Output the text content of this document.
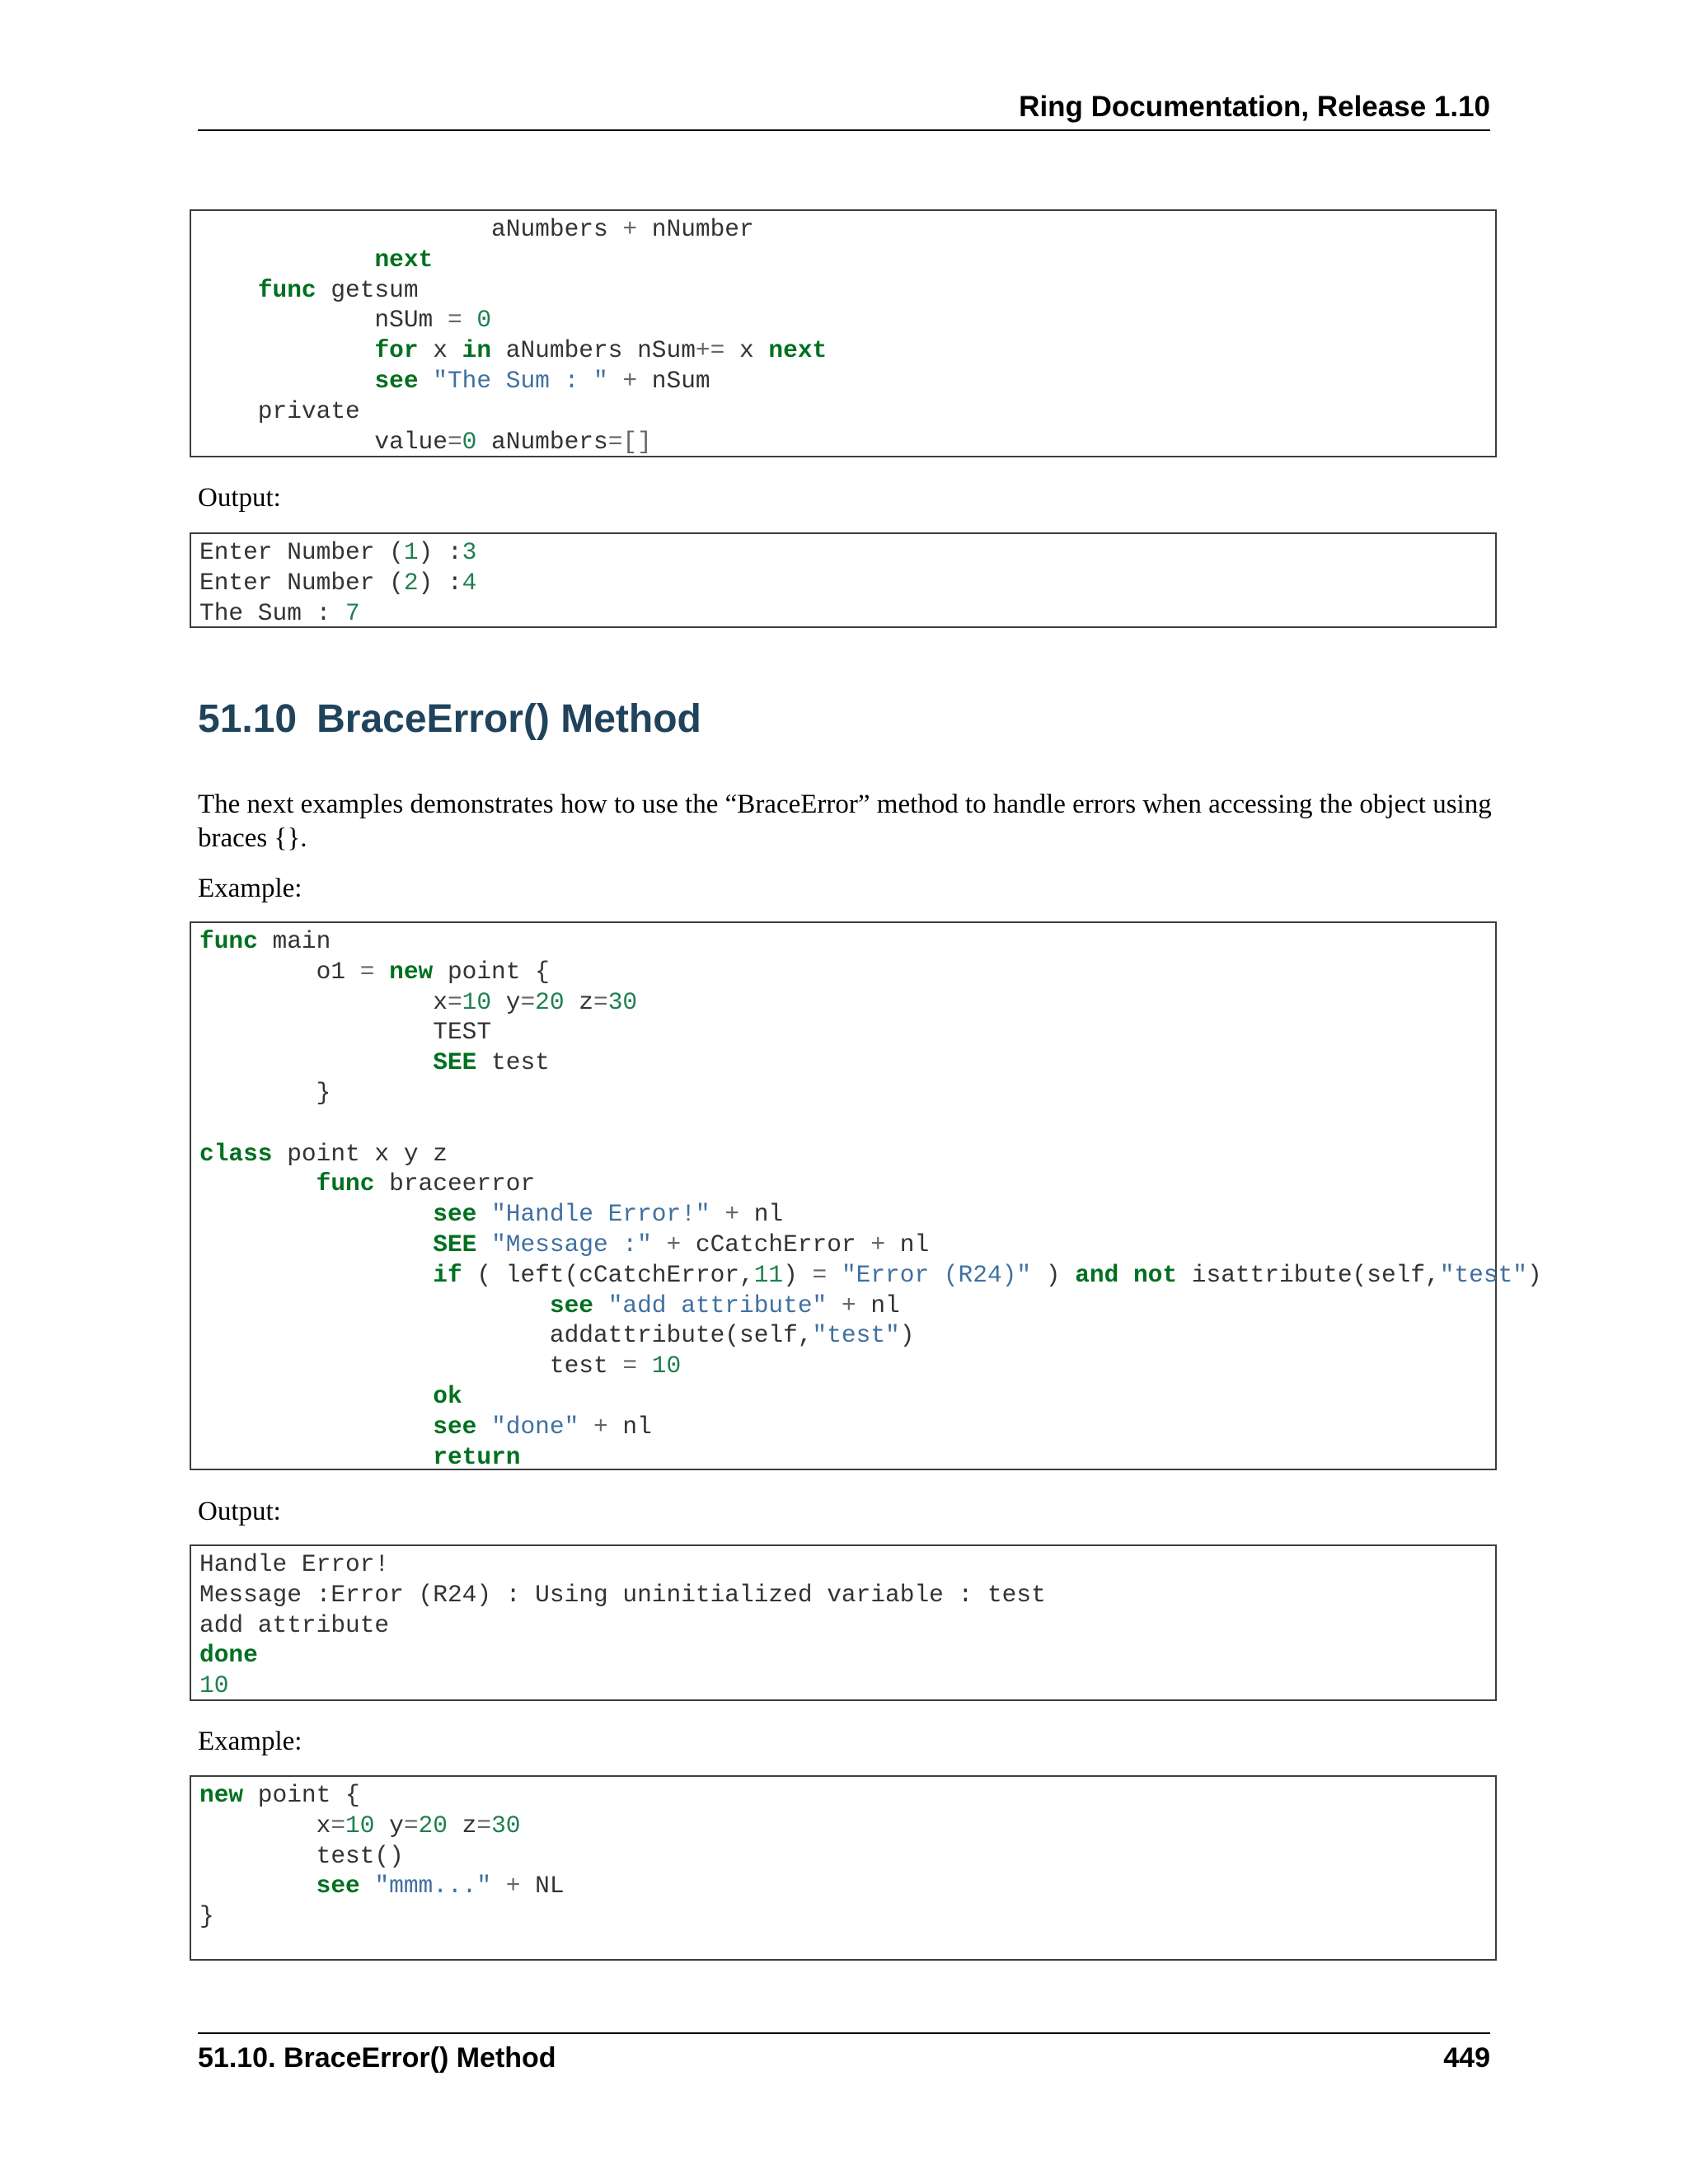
Ring Documentation, Release 1.10
aNumbers + nNumber
next
func getsum
nSUm = 0
for x in aNumbers nSum+= x next
see "The Sum : " + nSum
private
value=0 aNumbers=[]
Output:
Enter Number (1) :3
Enter Number (2) :4
The Sum : 7
51.10 BraceError() Method
The next examples demonstrates how to use the “BraceError” method to handle errors when accessing the object using braces {}.
Example:
func main
o1 = new point {
x=10 y=20 z=30
TEST
SEE test
}
class point x y z
func braceerror
see "Handle Error!" + nl
SEE "Message :" + cCatchError + nl
if ( left(cCatchError,11) = "Error (R24)" ) and not isattribute(self,"test")
see "add attribute" + nl
addattribute(self,"test")
test = 10
ok
see "done" + nl
return
Output:
Handle Error!
Message :Error (R24) : Using uninitialized variable : test
add attribute
done
10
Example:
new point {
x=10 y=20 z=30
test()
see "mmm..." + NL
}
51.10. BraceError() Method	449
